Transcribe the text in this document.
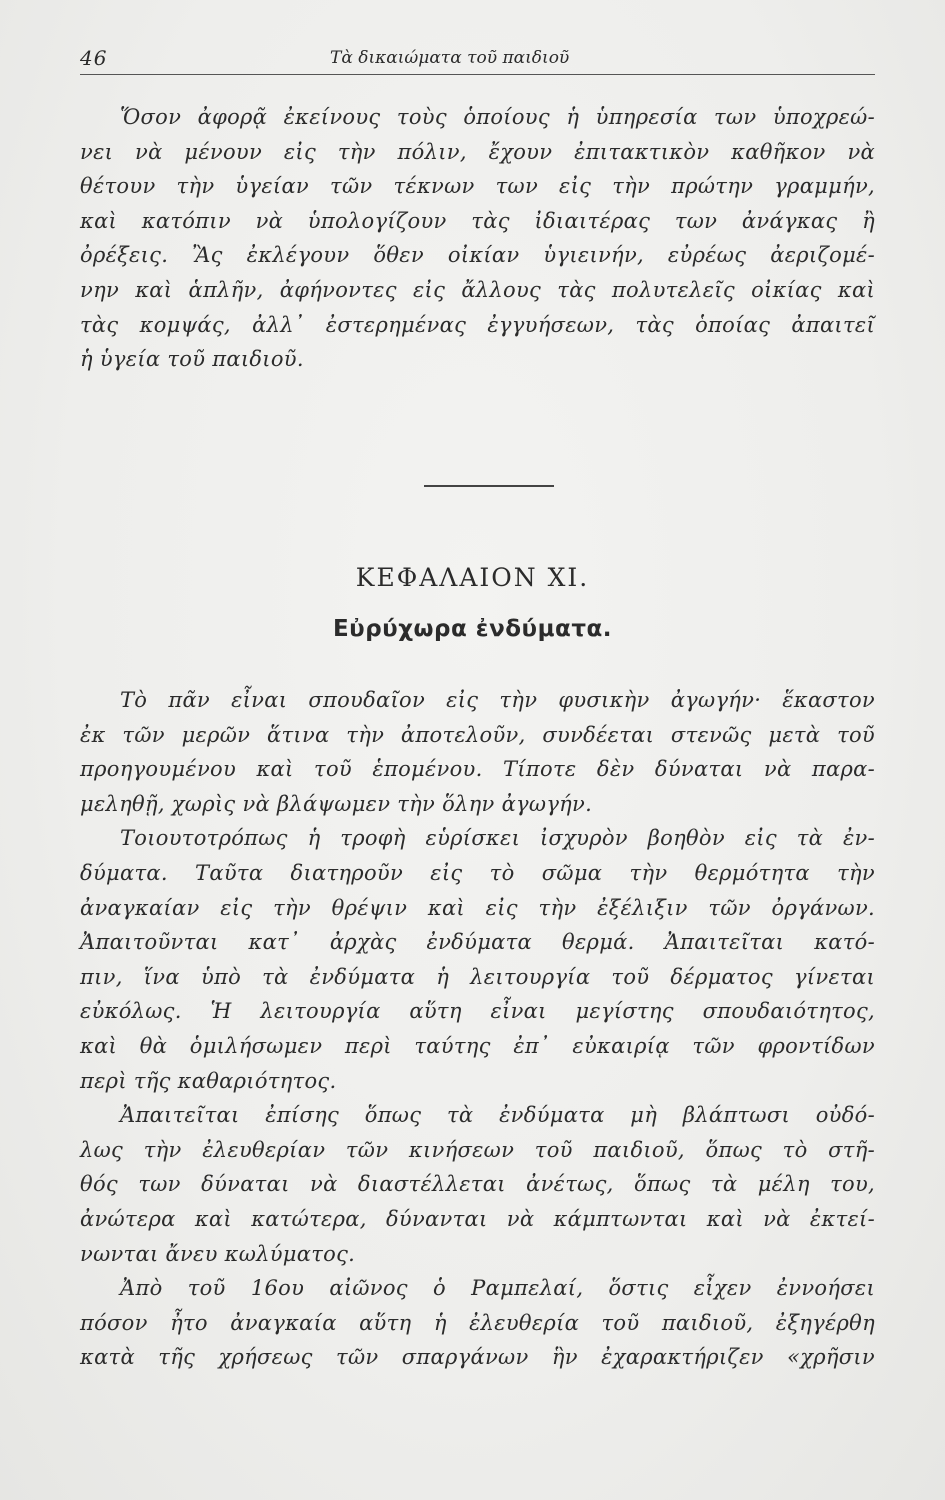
46	Τὰ δικαιώματα τοῦ παιδιοῦ
Ὅσον ἀφορᾷ ἐκείνους τοὺς ὁποίους ἡ ὑπηρεσία των ὑποχρεώ-
νει νὰ μένουν εἰς τὴν πόλιν, ἔχουν ἐπιτακτικὸν καθῆκον νὰ
θέτουν τὴν ὑγείαν τῶν τέκνων των εἰς τὴν πρώτην γραμμήν,
καὶ κατόπιν νὰ ὑπολογίζουν τὰς ἰδιαιτέρας των ἀνάγκας ἢ
ὀρέξεις. Ἂς ἐκλέγουν ὅθεν οἰκίαν ὑγιεινήν, εὐρέως ἀεριζομέ-
νην καὶ ἁπλῆν, ἀφήνοντες εἰς ἄλλους τὰς πολυτελεῖς οἰκίας καὶ
τὰς κομψάς, ἀλλ᾽ ἐστερημένας ἐγγυήσεων, τὰς ὁποίας ἀπαιτεῖ
ἡ ὑγεία τοῦ παιδιοῦ.
ΚΕΦΑΛΑΙΟΝ ΧΙ.
Εὐρύχωρα ἐνδύματα.
Τὸ πᾶν εἶναι σπουδαῖον εἰς τὴν φυσικὴν ἀγωγήν· ἕκαστον
ἐκ τῶν μερῶν ἅτινα τὴν ἀποτελοῦν, συνδέεται στενῶς μετὰ τοῦ
προηγουμένου καὶ τοῦ ἑπομένου. Τίποτε δὲν δύναται νὰ παρα-
μεληθῇ, χωρὶς νὰ βλάψωμεν τὴν ὅλην ἀγωγήν.
Τοιουτοτρόπως ἡ τροφὴ εὑρίσκει ἰσχυρὸν βοηθὸν εἰς τὰ ἐν-
δύματα. Ταῦτα διατηροῦν εἰς τὸ σῶμα τὴν θερμότητα τὴν
ἀναγκαίαν εἰς τὴν θρέψιν καὶ εἰς τὴν ἐξέλιξιν τῶν ὀργάνων.
Ἀπαιτοῦνται κατ᾽ ἀρχὰς ἐνδύματα θερμά. Ἀπαιτεῖται κατό-
πιν, ἵνα ὑπὸ τὰ ἐνδύματα ἡ λειτουργία τοῦ δέρματος γίνεται
εὐκόλως. Ἡ λειτουργία αὕτη εἶναι μεγίστης σπουδαιότητος,
καὶ θὰ ὁμιλήσωμεν περὶ ταύτης ἐπ᾽ εὐκαιρίᾳ τῶν φροντίδων
περὶ τῆς καθαριότητος.
Ἀπαιτεῖται ἐπίσης ὅπως τὰ ἐνδύματα μὴ βλάπτωσι οὐδό-
λως τὴν ἐλευθερίαν τῶν κινήσεων τοῦ παιδιοῦ, ὅπως τὸ στῆ-
θός των δύναται νὰ διαστέλλεται ἀνέτως, ὅπως τὰ μέλη του,
ἀνώτερα καὶ κατώτερα, δύνανται νὰ κάμπτωνται καὶ νὰ ἐκτεί-
νωνται ἄνευ κωλύματος.
Ἀπὸ τοῦ 16ου αἰῶνος ὁ Ραμπελαί, ὅστις εἶχεν ἐννοήσει
πόσον ἦτο ἀναγκαία αὕτη ἡ ἐλευθερία τοῦ παιδιοῦ, ἐξηγέρθη
κατὰ τῆς χρήσεως τῶν σπαργάνων ἣν ἐχαρακτήριζεν «χρῆσιν
